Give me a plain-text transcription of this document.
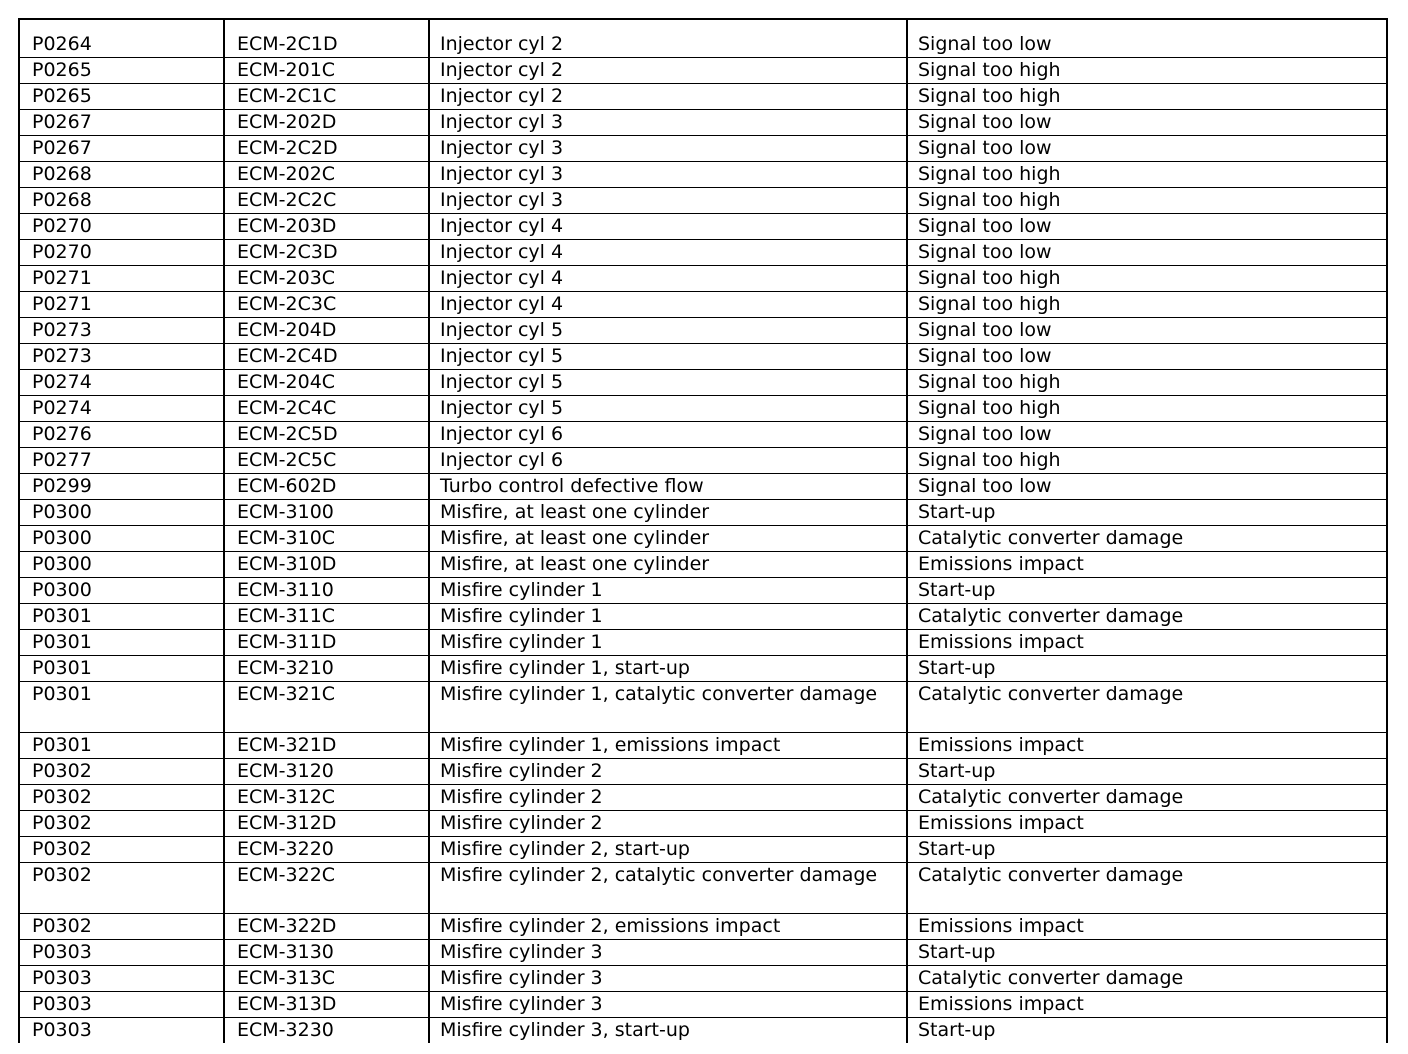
P0264	ECM-2C1D	Injector cyl 2	Signal too low
P0265	ECM-201C	Injector cyl 2	Signal too high
P0265	ECM-2C1C	Injector cyl 2	Signal too high
P0267	ECM-202D	Injector cyl 3	Signal too low
P0267	ECM-2C2D	Injector cyl 3	Signal too low
P0268	ECM-202C	Injector cyl 3	Signal too high
P0268	ECM-2C2C	Injector cyl 3	Signal too high
P0270	ECM-203D	Injector cyl 4	Signal too low
P0270	ECM-2C3D	Injector cyl 4	Signal too low
P0271	ECM-203C	Injector cyl 4	Signal too high
P0271	ECM-2C3C	Injector cyl 4	Signal too high
P0273	ECM-204D	Injector cyl 5	Signal too low
P0273	ECM-2C4D	Injector cyl 5	Signal too low
P0274	ECM-204C	Injector cyl 5	Signal too high
P0274	ECM-2C4C	Injector cyl 5	Signal too high
P0276	ECM-2C5D	Injector cyl 6	Signal too low
P0277	ECM-2C5C	Injector cyl 6	Signal too high
P0299	ECM-602D	Turbo control defective flow	Signal too low
P0300	ECM-3100	Misfire, at least one cylinder	Start-up
P0300	ECM-310C	Misfire, at least one cylinder	Catalytic converter damage
P0300	ECM-310D	Misfire, at least one cylinder	Emissions impact
P0300	ECM-3110	Misfire cylinder 1	Start-up
P0301	ECM-311C	Misfire cylinder 1	Catalytic converter damage
P0301	ECM-311D	Misfire cylinder 1	Emissions impact
P0301	ECM-3210	Misfire cylinder 1, start-up	Start-up
P0301	ECM-321C	Misfire cylinder 1, catalytic converter damage	Catalytic converter damage
P0301	ECM-321D	Misfire cylinder 1, emissions impact	Emissions impact
P0302	ECM-3120	Misfire cylinder 2	Start-up
P0302	ECM-312C	Misfire cylinder 2	Catalytic converter damage
P0302	ECM-312D	Misfire cylinder 2	Emissions impact
P0302	ECM-3220	Misfire cylinder 2, start-up	Start-up
P0302	ECM-322C	Misfire cylinder 2, catalytic converter damage	Catalytic converter damage
P0302	ECM-322D	Misfire cylinder 2, emissions impact	Emissions impact
P0303	ECM-3130	Misfire cylinder 3	Start-up
P0303	ECM-313C	Misfire cylinder 3	Catalytic converter damage
P0303	ECM-313D	Misfire cylinder 3	Emissions impact
P0303	ECM-3230	Misfire cylinder 3, start-up	Start-up
